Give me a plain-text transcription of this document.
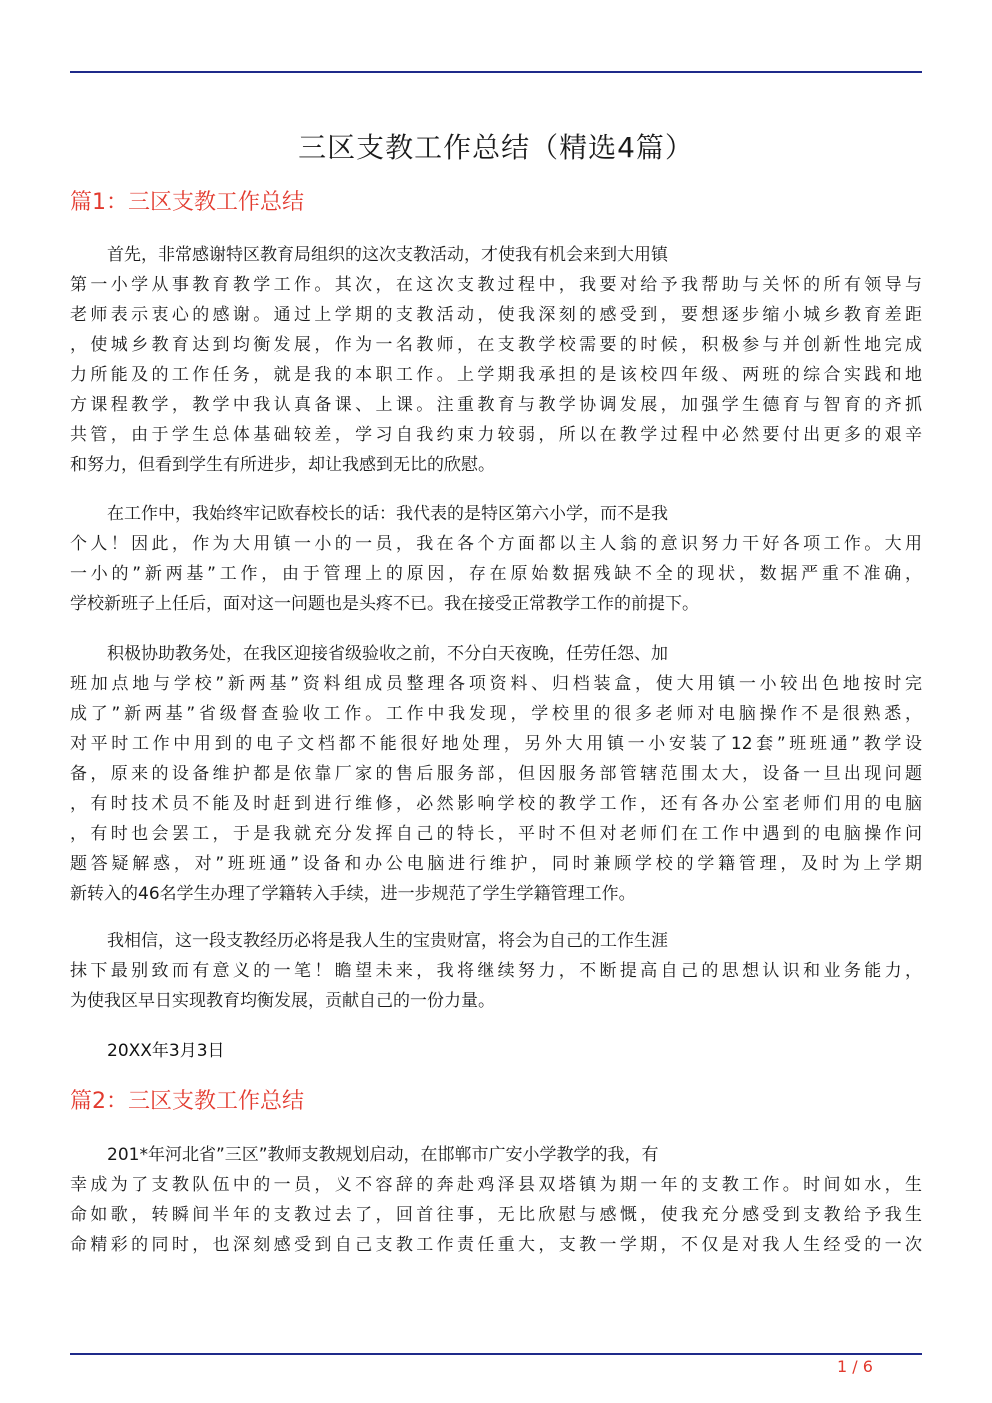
三区支教工作总结（精选4篇）
篇1：三区支教工作总结
首先，非常感谢特区教育局组织的这次支教活动，才使我有机会来到大用镇
第一小学从事教育教学工作。其次，在这次支教过程中，我要对给予我帮助与关怀的所有领导与
老师表示衷心的感谢。通过上学期的支教活动，使我深刻的感受到，要想逐步缩小城乡教育差距
，使城乡教育达到均衡发展，作为一名教师，在支教学校需要的时候，积极参与并创新性地完成
力所能及的工作任务，就是我的本职工作。上学期我承担的是该校四年级、两班的综合实践和地
方课程教学，教学中我认真备课、上课。注重教育与教学协调发展，加强学生德育与智育的齐抓
共管，由于学生总体基础较差，学习自我约束力较弱，所以在教学过程中必然要付出更多的艰辛
和努力，但看到学生有所进步，却让我感到无比的欣慰。
在工作中，我始终牢记欧春校长的话：我代表的是特区第六小学，而不是我
个人！因此，作为大用镇一小的一员，我在各个方面都以主人翁的意识努力干好各项工作。大用
一小的”新两基”工作，由于管理上的原因，存在原始数据残缺不全的现状，数据严重不准确，
学校新班子上任后，面对这一问题也是头疼不已。我在接受正常教学工作的前提下。
积极协助教务处，在我区迎接省级验收之前，不分白天夜晚，任劳任怨、加
班加点地与学校”新两基”资料组成员整理各项资料、归档装盒，使大用镇一小较出色地按时完
成了”新两基”省级督查验收工作。工作中我发现，学校里的很多老师对电脑操作不是很熟悉，
对平时工作中用到的电子文档都不能很好地处理，另外大用镇一小安装了12套”班班通”教学设
备，原来的设备维护都是依靠厂家的售后服务部，但因服务部管辖范围太大，设备一旦出现问题
，有时技术员不能及时赶到进行维修，必然影响学校的教学工作，还有各办公室老师们用的电脑
，有时也会罢工，于是我就充分发挥自己的特长，平时不但对老师们在工作中遇到的电脑操作问
题答疑解惑，对”班班通”设备和办公电脑进行维护，同时兼顾学校的学籍管理，及时为上学期
新转入的46名学生办理了学籍转入手续，进一步规范了学生学籍管理工作。
我相信，这一段支教经历必将是我人生的宝贵财富，将会为自己的工作生涯
抹下最别致而有意义的一笔！瞻望未来，我将继续努力，不断提高自己的思想认识和业务能力，
为使我区早日实现教育均衡发展，贡献自己的一份力量。
20XX年3月3日
篇2：三区支教工作总结
201*年河北省”三区”教师支教规划启动，在邯郸市广安小学教学的我，有
幸成为了支教队伍中的一员，义不容辞的奔赴鸡泽县双塔镇为期一年的支教工作。时间如水，生
命如歌，转瞬间半年的支教过去了，回首往事，无比欣慰与感慨，使我充分感受到支教给予我生
命精彩的同时，也深刻感受到自己支教工作责任重大，支教一学期，不仅是对我人生经受的一次
1 / 6
